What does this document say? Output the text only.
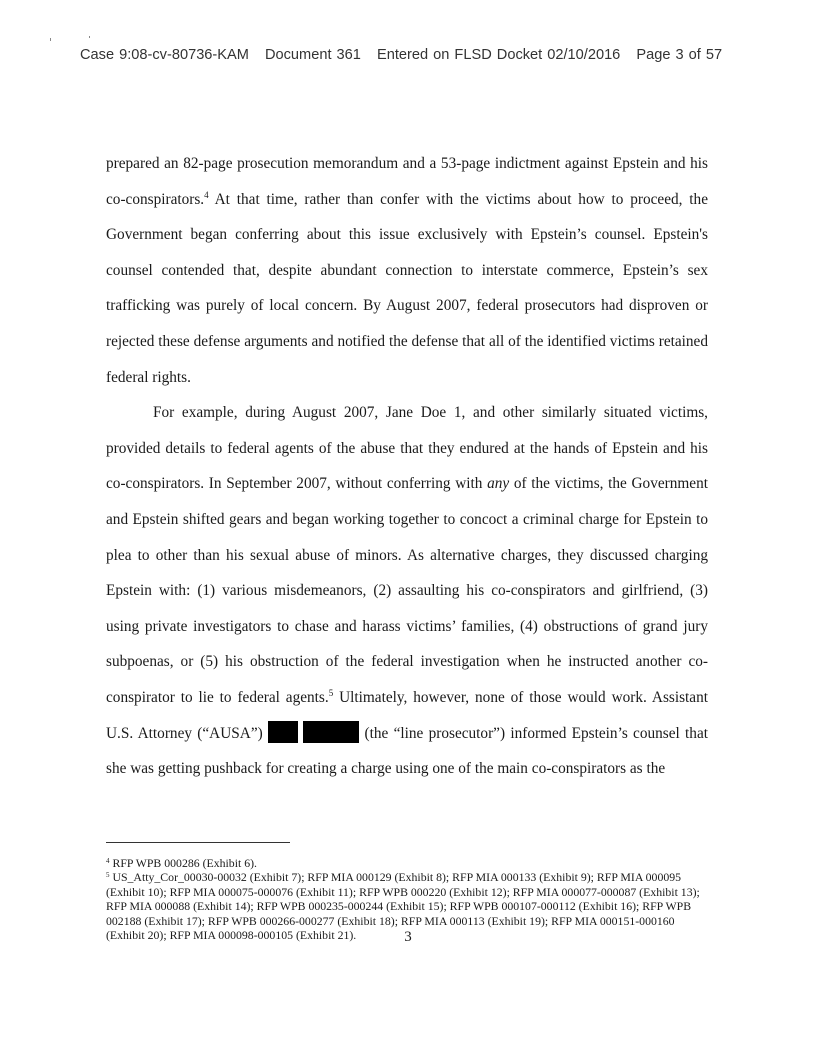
Case 9:08-cv-80736-KAM Document 361 Entered on FLSD Docket 02/10/2016 Page 3 of 57

prepared an 82-page prosecution memorandum and a 53-page indictment against Epstein and his co-conspirators.$^4$ At that time, rather than confer with the victims about how to proceed, the Government began conferring about this issue exclusively with Epstein’s counsel. Epstein's counsel contended that, despite abundant connection to interstate commerce, Epstein’s sex trafficking was purely of local concern. By August 2007, federal prosecutors had disproven or rejected these defense arguments and notified the defense that all of the identified victims retained federal rights.

For example, during August 2007, Jane Doe 1, and other similarly situated victims, provided details to federal agents of the abuse that they endured at the hands of Epstein and his co-conspirators. In September 2007, without conferring with any of the victims, the Government and Epstein shifted gears and began working together to concoct a criminal charge for Epstein to plea to other than his sexual abuse of minors. As alternative charges, they discussed charging Epstein with: (1) various misdemeanors, (2) assaulting his co-conspirators and girlfriend, (3) using private investigators to chase and harass victims’ families, (4) obstructions of grand jury subpoenas, or (5) his obstruction of the federal investigation when he instructed another co-conspirator to lie to federal agents.$^5$ Ultimately, however, none of those would work. Assistant U.S. Attorney (“AUSA”)	(the “line prosecutor”) informed Epstein’s counsel that she was getting pushback for creating a charge using one of the main co-conspirators as the

$^4$ RFP WPB 000286 (Exhibit 6).

$^5$ US_Atty_Cor_00030-00032 (Exhibit 7); RFP MIA 000129 (Exhibit 8); RFP MIA 000133 (Exhibit 9); RFP MIA 000095 (Exhibit 10); RFP MIA 000075-000076 (Exhibit 11); RFP WPB 000220 (Exhibit 12); RFP MIA 000077-000087 (Exhibit 13); RFP MIA 000088 (Exhibit 14); RFP WPB 000235-000244 (Exhibit 15); RFP WPB 000107-000112 (Exhibit 16); RFP WPB 002188 (Exhibit 17); RFP WPB 000266-000277 (Exhibit 18); RFP MIA 000113 (Exhibit 19); RFP MIA 000151-000160 (Exhibit 20); RFP MIA 000098-000105 (Exhibit 21).	3
